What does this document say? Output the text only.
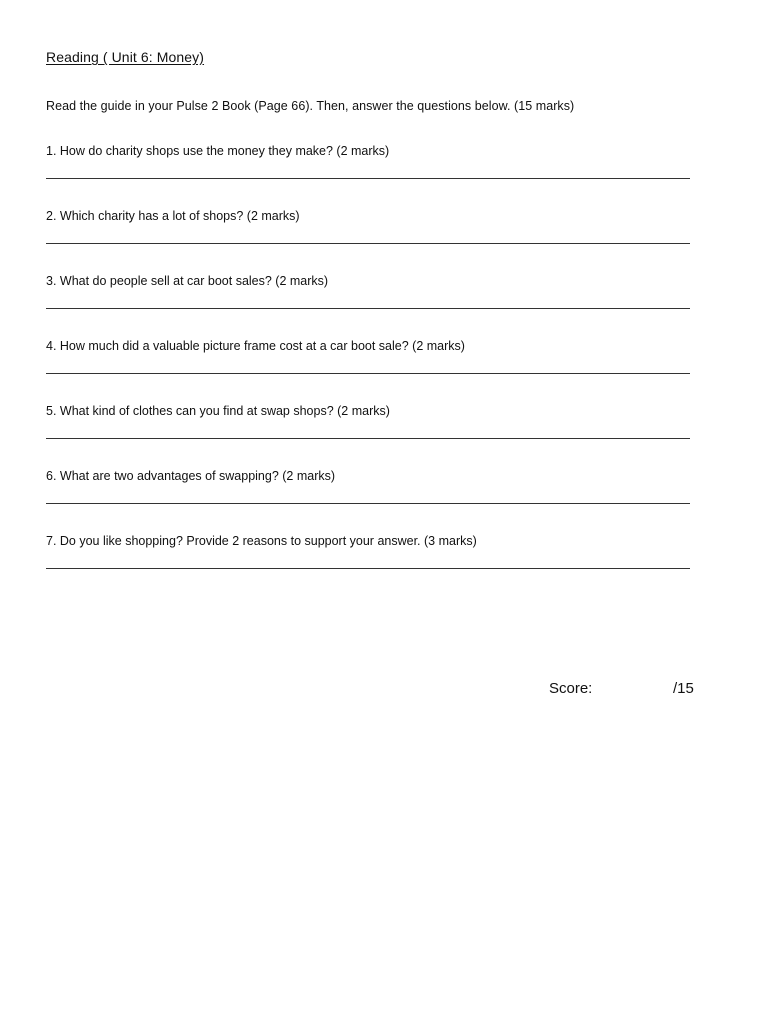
Reading ( Unit 6: Money)
Read the guide in your Pulse 2 Book (Page 66). Then, answer the questions below. (15 marks)
1. How do charity shops use the money they make? (2 marks)
2. Which charity has a lot of shops? (2 marks)
3. What do people sell at car boot sales? (2 marks)
4. How much did a valuable picture frame cost at a car boot sale? (2 marks)
5. What kind of clothes can you find at swap shops? (2 marks)
6. What are two advantages of swapping? (2 marks)
7. Do you like shopping? Provide 2 reasons to support your answer. (3 marks)
Score:	/15
